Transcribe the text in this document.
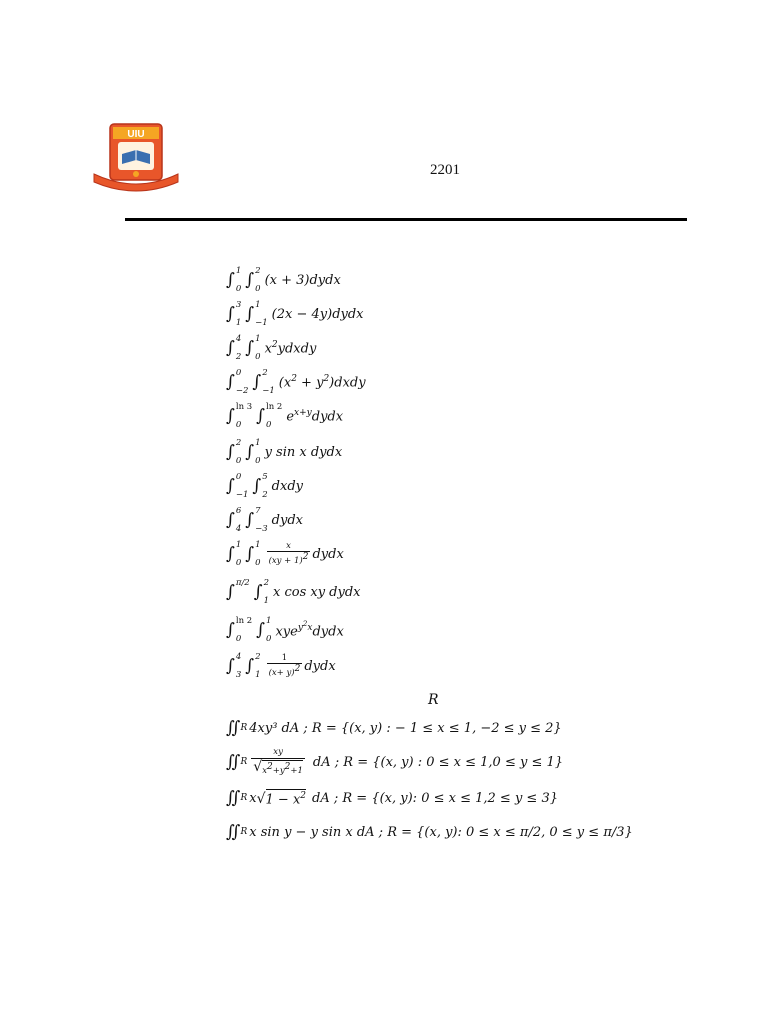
UIU
2201
∫ 1
0 ∫ 2
0
(x + 3)dydx
∫ 3
1 ∫ 1
−1
(2x − 4y)dydx
∫ 4
2 ∫ 1
0
$x^2ydxdy$
∫ 0
−2 ∫ 2
−1
($x^2$ + $y^2)dxdy$
∫ ln 3
0 ∫ ln 2
0
$e^{x+y}dydx$
∫ 2
0 ∫ 1
0
y sin x dydx
∫ 0
−1 ∫ 5
2
dxdy
∫ 6
4 ∫ 7
−3
dydx
∫ 1
0 ∫ 1
$0 \frac{x}{(xy + 1)^2}$ dydx
∫ π/2 ∫ 2
1
x cos xy dydx
∫ ln 2
0 ∫ 1
0 xye$^{y^2x}$dydx
∫ 4
3 ∫ 2
$1 \frac{1}{(x+ y)^2}$ dydx
R
∬ R 4xy³ dA ; R = {(x, y) : − 1 ≤ x ≤ 1, −2 ≤ y ≤ 2}
∬ R $\frac{xy}{√ x^2+y^2+1}$ dA ; R = {(x, y) : 0 ≤ x ≤ 1,0 ≤ y ≤ 1}
∬ R x √ $1 - x^2$ dA ; R = {(x, y): 0 ≤ x ≤ 1,2 ≤ y ≤ 3}
∬ R x sin y − y sin x dA ; R = {(x, y): 0 ≤ x ≤ π/2, 0 ≤ y ≤ π/3}
